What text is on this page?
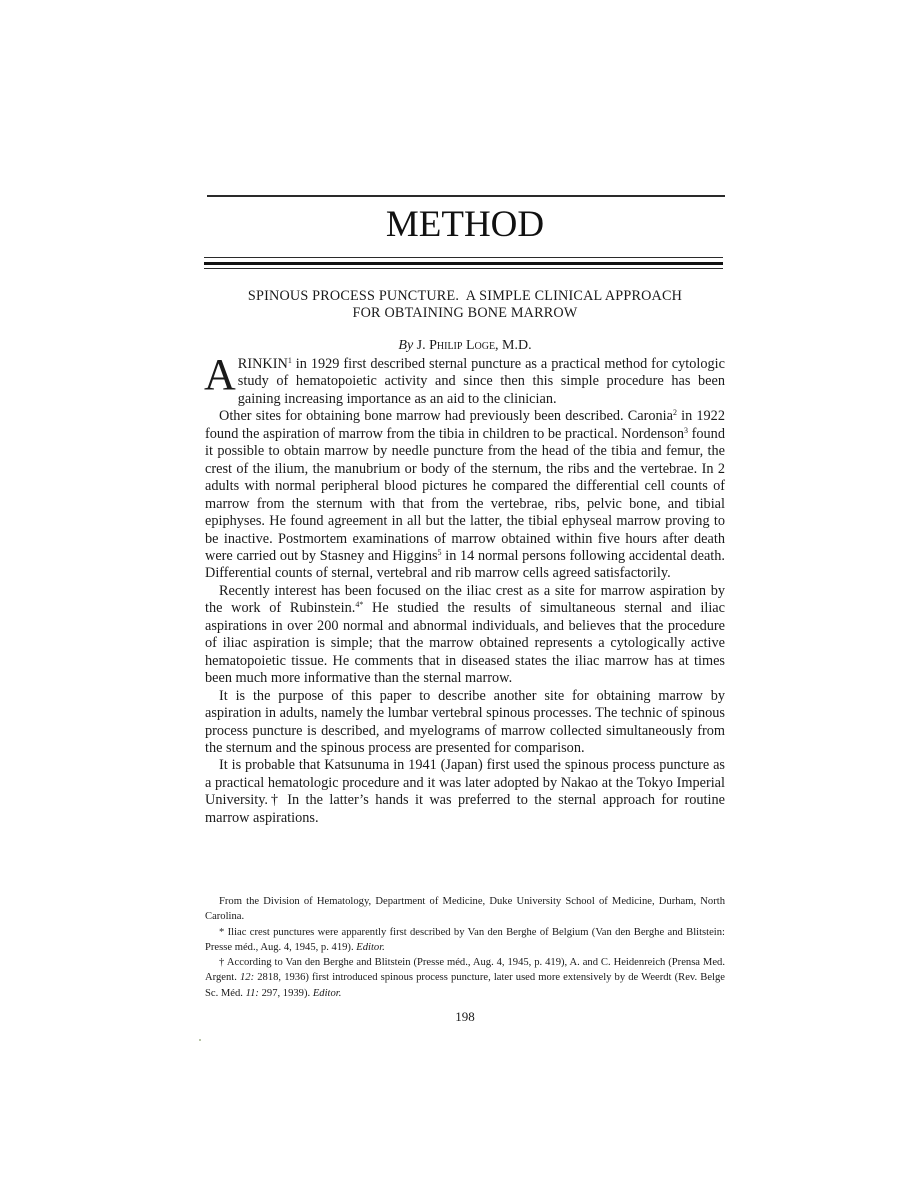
METHOD
SPINOUS PROCESS PUNCTURE.  A SIMPLE CLINICAL APPROACH
FOR OBTAINING BONE MARROW
By J. Philip Loge, M.D.

ARINKIN$^1$ in 1929 first described sternal puncture as a practical method for cytologic study of hematopoietic activity and since then this simple procedure has been gaining increasing importance as an aid to the clinician.

Other sites for obtaining bone marrow had previously been described. Caronia$^2$ in 1922 found the aspiration of marrow from the tibia in children to be practical. Nordenson$^3$ found it possible to obtain marrow by needle puncture from the head of the tibia and femur, the crest of the ilium, the manubrium or body of the sternum, the ribs and the vertebrae. In 2 adults with normal peripheral blood pictures he compared the differential cell counts of marrow from the sternum with that from the vertebrae, ribs, pelvic bone, and tibial epiphyses. He found agreement in all but the latter, the tibial ephyseal marrow proving to be inactive. Postmortem examinations of marrow obtained within five hours after death were carried out by Stasney and Higgins$^5$ in 14 normal persons following accidental death. Differential counts of sternal, vertebral and rib marrow cells agreed satisfactorily.

Recently interest has been focused on the iliac crest as a site for marrow aspiration by the work of Rubinstein.$^{4*}$ He studied the results of simultaneous sternal and iliac aspirations in over 200 normal and abnormal individuals, and believes that the procedure of iliac aspiration is simple; that the marrow obtained represents a cytologically active hematopoietic tissue. He comments that in diseased states the iliac marrow has at times been much more informative than the sternal marrow.

It is the purpose of this paper to describe another site for obtaining marrow by aspiration in adults, namely the lumbar vertebral spinous processes. The technic of spinous process puncture is described, and myelograms of marrow collected simultaneously from the sternum and the spinous process are presented for comparison.

It is probable that Katsunuma in 1941 (Japan) first used the spinous process puncture as a practical hematologic procedure and it was later adopted by Nakao at the Tokyo Imperial University.† In the latter’s hands it was preferred to the sternal approach for routine marrow aspirations.

From the Division of Hematology, Department of Medicine, Duke University School of Medicine, Durham, North Carolina.

* Iliac crest punctures were apparently first described by Van den Berghe of Belgium (Van den Berghe and Blitstein: Presse méd., Aug. 4, 1945, p. 419). Editor.

† According to Van den Berghe and Blitstein (Presse méd., Aug. 4, 1945, p. 419), A. and C. Heidenreich (Prensa Med. Argent. 12: 2818, 1936) first introduced spinous process puncture, later used more extensively by de Weerdt (Rev. Belge Sc. Méd. 11: 297, 1939). Editor.

198
